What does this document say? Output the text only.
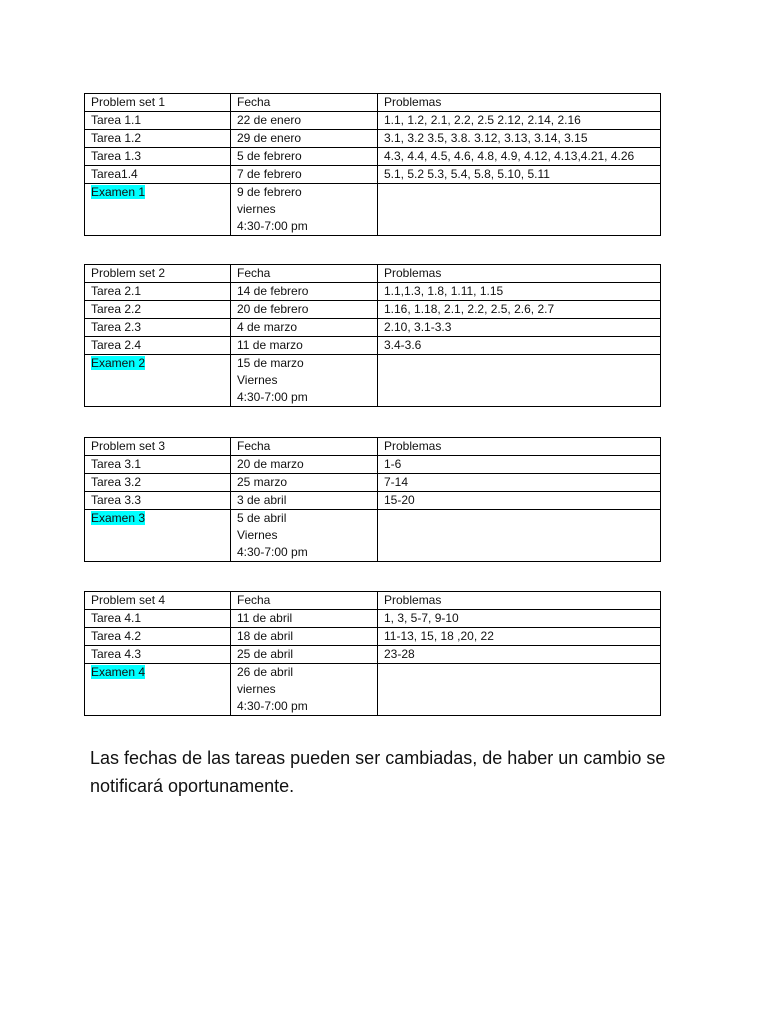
Problem set 1	Fecha	Problemas
Tarea 1.1	22 de enero	1.1, 1.2, 2.1, 2.2, 2.5 2.12, 2.14, 2.16
Tarea 1.2	29 de enero	3.1, 3.2 3.5, 3.8. 3.12, 3.13, 3.14, 3.15
Tarea 1.3	5 de febrero	4.3, 4.4, 4.5, 4.6, 4.8, 4.9, 4.12, 4.13,4.21, 4.26
Tarea1.4	7 de febrero	5.1, 5.2 5.3, 5.4, 5.8, 5.10, 5.11
Examen 1	9 de febrero
viernes
4:30-7:00 pm	

Problem set 2	Fecha	Problemas
Tarea 2.1	14 de febrero	1.1,1.3, 1.8, 1.11, 1.15
Tarea 2.2	20 de febrero	1.16, 1.18, 2.1, 2.2, 2.5, 2.6, 2.7
Tarea 2.3	4 de marzo	2.10, 3.1-3.3
Tarea 2.4	11 de marzo	3.4-3.6
Examen 2	15 de marzo
Viernes
4:30-7:00 pm	

Problem set 3	Fecha	Problemas
Tarea 3.1	20 de marzo	1-6
Tarea 3.2	25 marzo	7-14
Tarea 3.3	3 de abril	15-20
Examen 3	5 de abril
Viernes
4:30-7:00 pm	

Problem set 4	Fecha	Problemas
Tarea 4.1	11 de abril	1, 3, 5-7, 9-10
Tarea 4.2	18 de abril	11-13, 15, 18 ,20, 22
Tarea 4.3	25 de abril	23-28
Examen 4	26 de abril
viernes
4:30-7:00 pm	

Las fechas de las tareas pueden ser cambiadas, de haber un cambio se notificará oportunamente.
